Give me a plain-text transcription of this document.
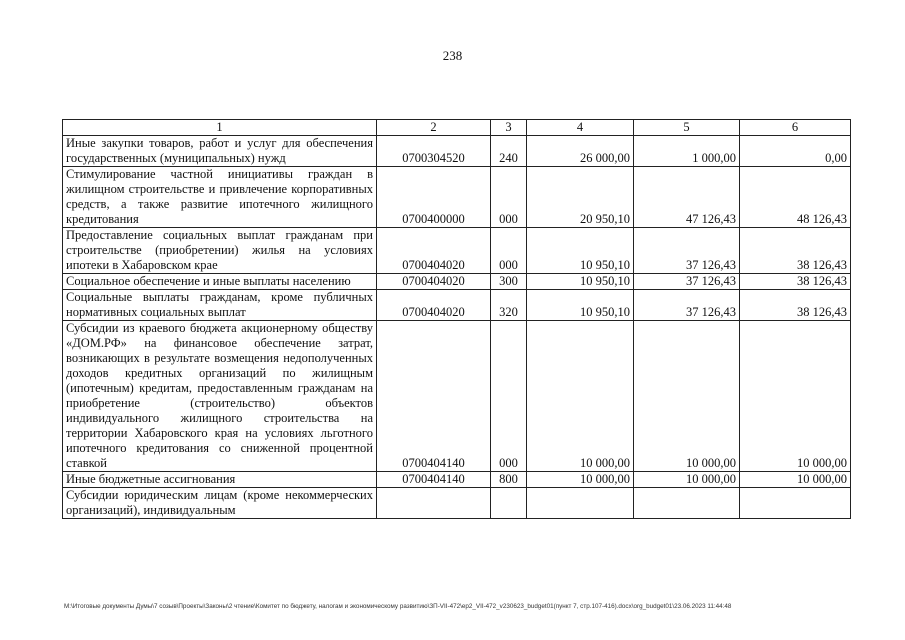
238
1	2	3	4	5	6
Иные закупки товаров, работ и услуг для обеспечения государственных (муниципальных) нужд	0700304520	240	26 000,00	1 000,00	0,00
Стимулирование частной инициативы граждан в жилищном строительстве и привлечение корпоративных средств, а также развитие ипотечного жилищного кредитования	0700400000	000	20 950,10	47 126,43	48 126,43
Предоставление социальных выплат гражданам при строительстве (приобретении) жилья на условиях ипотеки в Хабаровском крае	0700404020	000	10 950,10	37 126,43	38 126,43
Социальное обеспечение и иные выплаты населению	0700404020	300	10 950,10	37 126,43	38 126,43
Социальные выплаты гражданам, кроме публичных нормативных социальных выплат	0700404020	320	10 950,10	37 126,43	38 126,43
Субсидии из краевого бюджета акционерному обществу «ДОМ.РФ» на финансовое обеспечение затрат, возникающих в результате возмещения недополученных доходов кредитных организаций по жилищным (ипотечным) кредитам, предоставленным гражданам на приобретение (строительство) объектов индивидуального жилищного строительства на территории Хабаровского края на условиях льготного ипотечного кредитования со сниженной процентной ставкой	0700404140	000	10 000,00	10 000,00	10 000,00
Иные бюджетные ассигнования	0700404140	800	10 000,00	10 000,00	10 000,00
Субсидии юридическим лицам (кроме некоммерческих организаций), индивидуальным					
M:\Итоговые документы Думы\7 созыв\Проекты\Законы\2 чтение\Комитет по бюджету, налогам и экономическому развитию\ЗП-VII-472\ер2_VII-472_v230623_budget01(пункт 7, стр.107-416).docx\org_budget01\23.06.2023 11:44:48
